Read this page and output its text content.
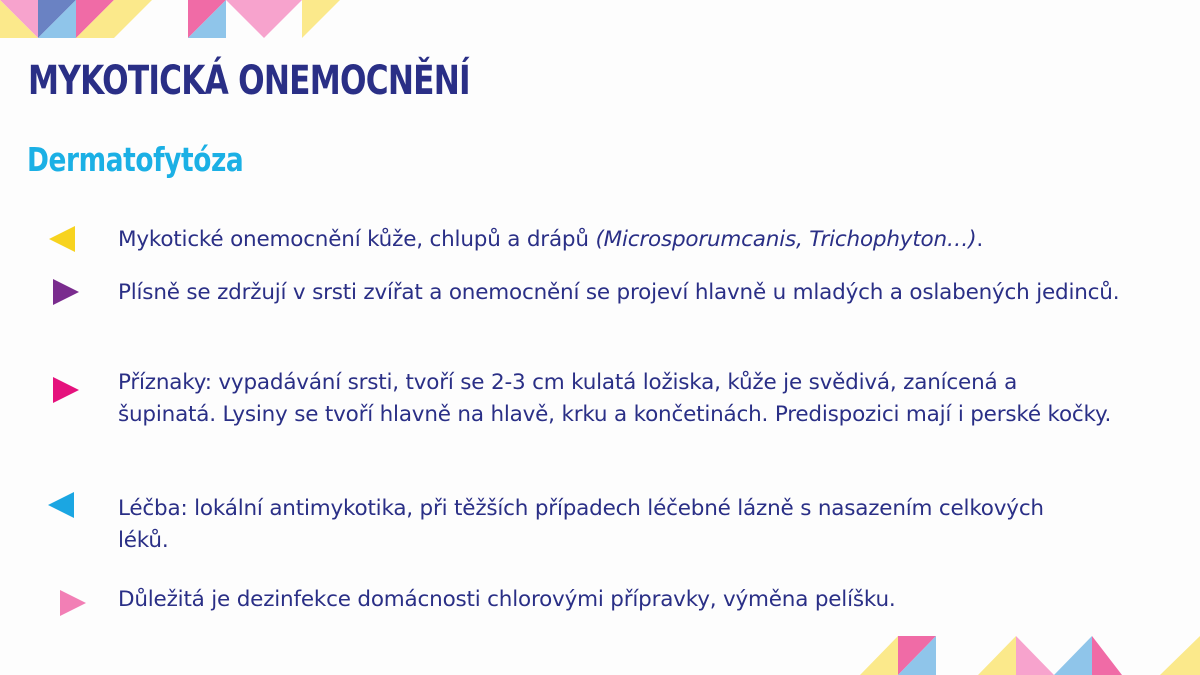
MYKOTICKÁ ONEMOCNĚNÍ
Dermatofytóza
Mykotické onemocnění kůže, chlupů a drápů (Microsporumcanis, Trichophyton…).
Plísně se zdržují v srsti zvířat a onemocnění se projeví hlavně u mladých a oslabených jedinců.
Příznaky: vypadávání srsti, tvoří se 2-3 cm kulatá ložiska, kůže je svědivá, zanícená a šupinatá. Lysiny se tvoří hlavně na hlavě, krku a končetinách. Predispozici mají i perské kočky.
Léčba: lokální antimykotika, při těžších případech léčebné lázně s nasazením celkových léků.
Důležitá je dezinfekce domácnosti chlorovými přípravky, výměna pelíšku.
